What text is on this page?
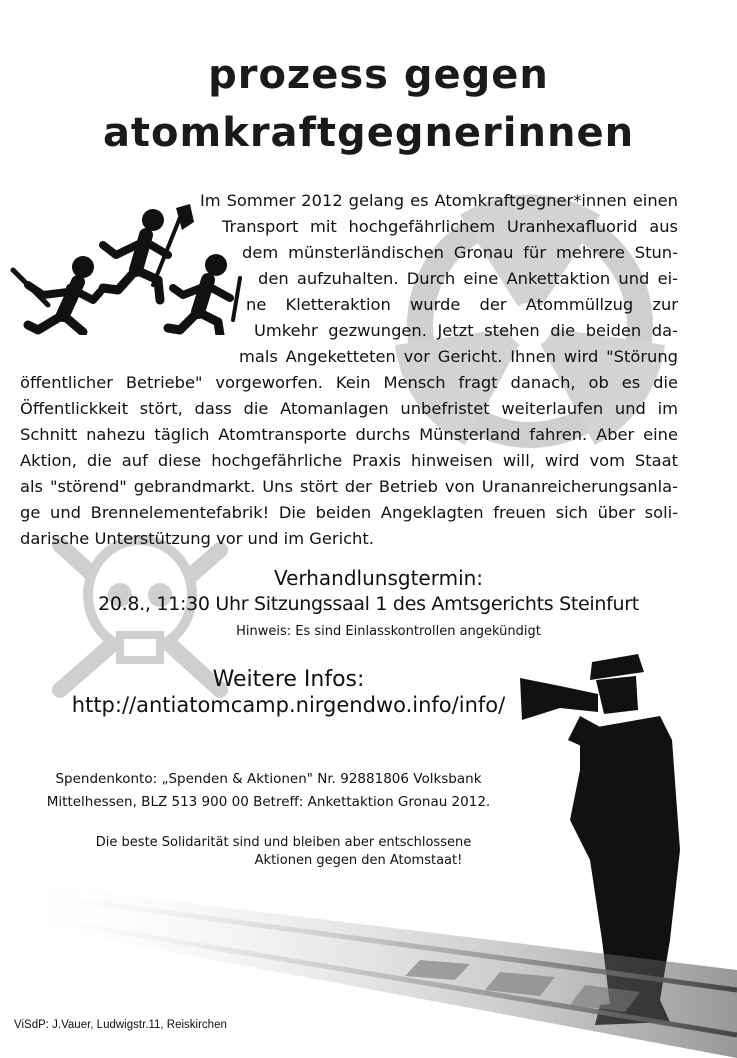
prozess gegen
atomkraftgegnerinnen
Im Sommer 2012 gelang es Atomkraftgegner*innen einen
Transport mit hochgefährlichem Uranhexafluorid aus
dem münsterländischen Gronau für mehrere Stun-
den aufzuhalten. Durch eine Ankettaktion und ei-
ne Kletteraktion wurde der Atommüllzug zur
Umkehr gezwungen. Jetzt stehen die beiden da-
mals Angeketteten vor Gericht. Ihnen wird "Störung
öffentlicher Betriebe" vorgeworfen. Kein Mensch fragt danach, ob es die
Öffentlickkeit stört, dass die Atomanlagen unbefristet weiterlaufen und im
Schnitt nahezu täglich Atomtransporte durchs Münsterland fahren. Aber eine
Aktion, die auf diese hochgefährliche Praxis hinweisen will, wird vom Staat
als "störend" gebrandmarkt. Uns stört der Betrieb von Urananreicherungsanla-
ge und Brennelementefabrik! Die beiden Angeklagten freuen sich über soli-
darische Unterstützung vor und im Gericht.
Verhandlunsgtermin:
20.8., 11:30 Uhr Sitzungssaal 1 des Amtsgerichts Steinfurt
Hinweis: Es sind Einlasskontrollen angekündigt
Weitere Infos:
http://antiatomcamp.nirgendwo.info/info/
Spendenkonto: „Spenden & Aktionen" Nr. 92881806 Volksbank
Mittelhessen, BLZ 513 900 00 Betreff: Ankettaktion Gronau 2012.
Die beste Solidarität sind und bleiben aber entschlossene
Aktionen gegen den Atomstaat!
ViSdP: J.Vauer, Ludwigstr.11, Reiskirchen
